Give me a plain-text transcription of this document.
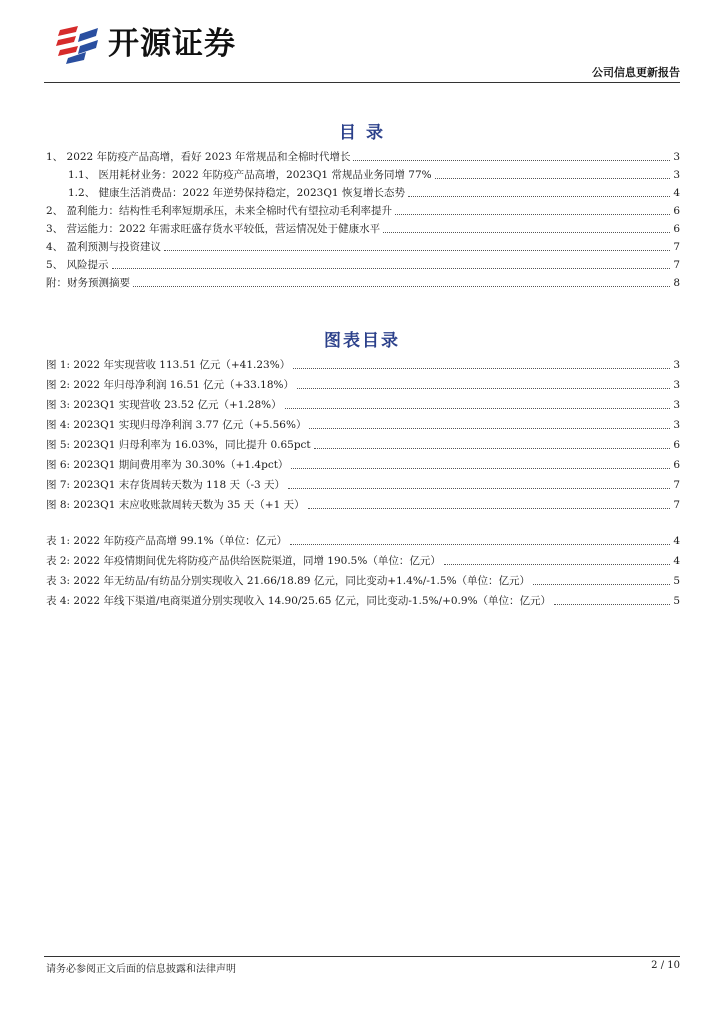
开源证券
公司信息更新报告
目 录
1、 2022 年防疫产品高增，看好 2023 年常规品和全棉时代增长	3
1.1、 医用耗材业务：2022 年防疫产品高增，2023Q1 常规品业务同增 77%	3
1.2、 健康生活消费品：2022 年逆势保持稳定，2023Q1 恢复增长态势	4
2、 盈利能力：结构性毛利率短期承压，未来全棉时代有望拉动毛利率提升	6
3、 营运能力：2022 年需求旺盛存货水平较低，营运情况处于健康水平	6
4、 盈利预测与投资建议	7
5、 风险提示	7
附：财务预测摘要	8
图表目录
图 1: 2022 年实现营收 113.51 亿元（+41.23%）	3
图 2: 2022 年归母净利润 16.51 亿元（+33.18%）	3
图 3: 2023Q1 实现营收 23.52 亿元（+1.28%）	3
图 4: 2023Q1 实现归母净利润 3.77 亿元（+5.56%）	3
图 5: 2023Q1 归母利率为 16.03%，同比提升 0.65pct	6
图 6: 2023Q1 期间费用率为 30.30%（+1.4pct）	6
图 7: 2023Q1 末存货周转天数为 118 天（-3 天）	7
图 8: 2023Q1 末应收账款周转天数为 35 天（+1 天）	7
表 1: 2022 年防疫产品高增 99.1%（单位：亿元）	4
表 2: 2022 年疫情期间优先将防疫产品供给医院渠道，同增 190.5%（单位：亿元）	4
表 3: 2022 年无纺品/有纺品分别实现收入 21.66/18.89 亿元，同比变动+1.4%/-1.5%（单位：亿元）	5
表 4: 2022 年线下渠道/电商渠道分别实现收入 14.90/25.65 亿元，同比变动-1.5%/+0.9%（单位：亿元）	5
请务必参阅正文后面的信息披露和法律声明	2 / 10
